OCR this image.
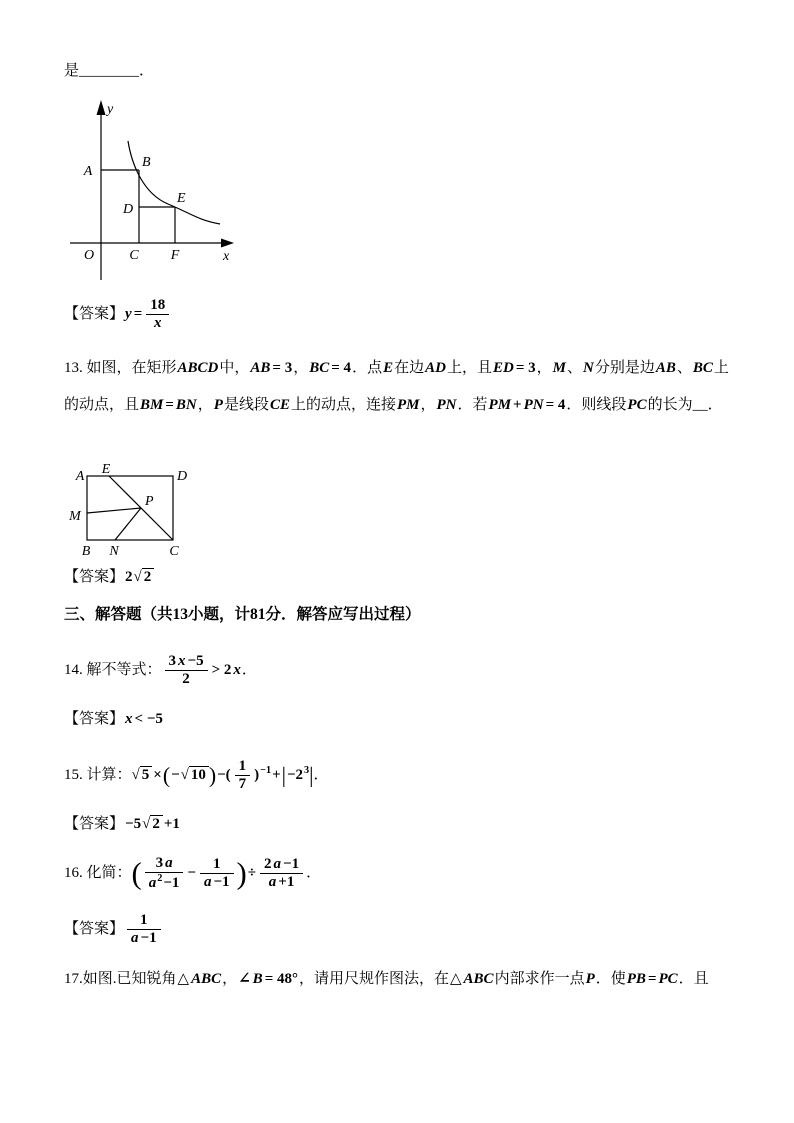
是________．
y
A
B
D
E
O	C F	x
【答案】$y = \frac{18}{x}$
13. 如图，在矩形ABCD中，AB = 3，BC = 4．点E在边AD上，且ED = 3，M、N分别是边AB、BC上的动点，且BM = BN，P是线段CE上的动点，连接PM，PN．若PM + PN = 4．则线段PC的长为__．
A E	D
M
P
B N	C
【答案】2√ 2
三、解答题（共13小题，计81分．解答应写出过程）
14. 解不等式： $\frac{3 x -5}{2} > 2$ x．
【答案】x < −5
15. 计算：√ 5 ×(−√ 10 )−( $\frac{1}{7} )^{-1}+|-2^3|$．
【答案】−5√ 2 +1
16. 化简：( $\frac{3 a}{a^2-1} - \frac{1}{a -1}$ )÷ $\frac{2 a -1}{a +1}$ ．
【答案】 $\frac{1}{a -1}$
17.如图.已知锐角△ ABC，∠ B = 48°，请用尺规作图法，在△ ABC内部求作一点P．使PB = PC．且
